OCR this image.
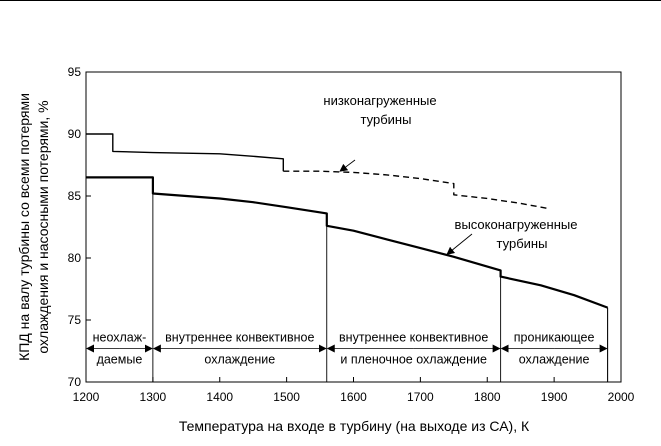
неохлаж-
даемые
внутреннее конвективное
охлаждение
внутреннее конвективное
и пленочное охлаждение
проникающее
охлаждение
1200	1300	1400	1500	1600	1700	1800	1900	2000
70
75
80
85
90
95
низконагруженные
турбины
высоконагруженные
турбины
Температура на входе в турбину (на выходе из СА), К
КПД на валу турбины со всеми потерями охлаждения и насосными потерями, %
